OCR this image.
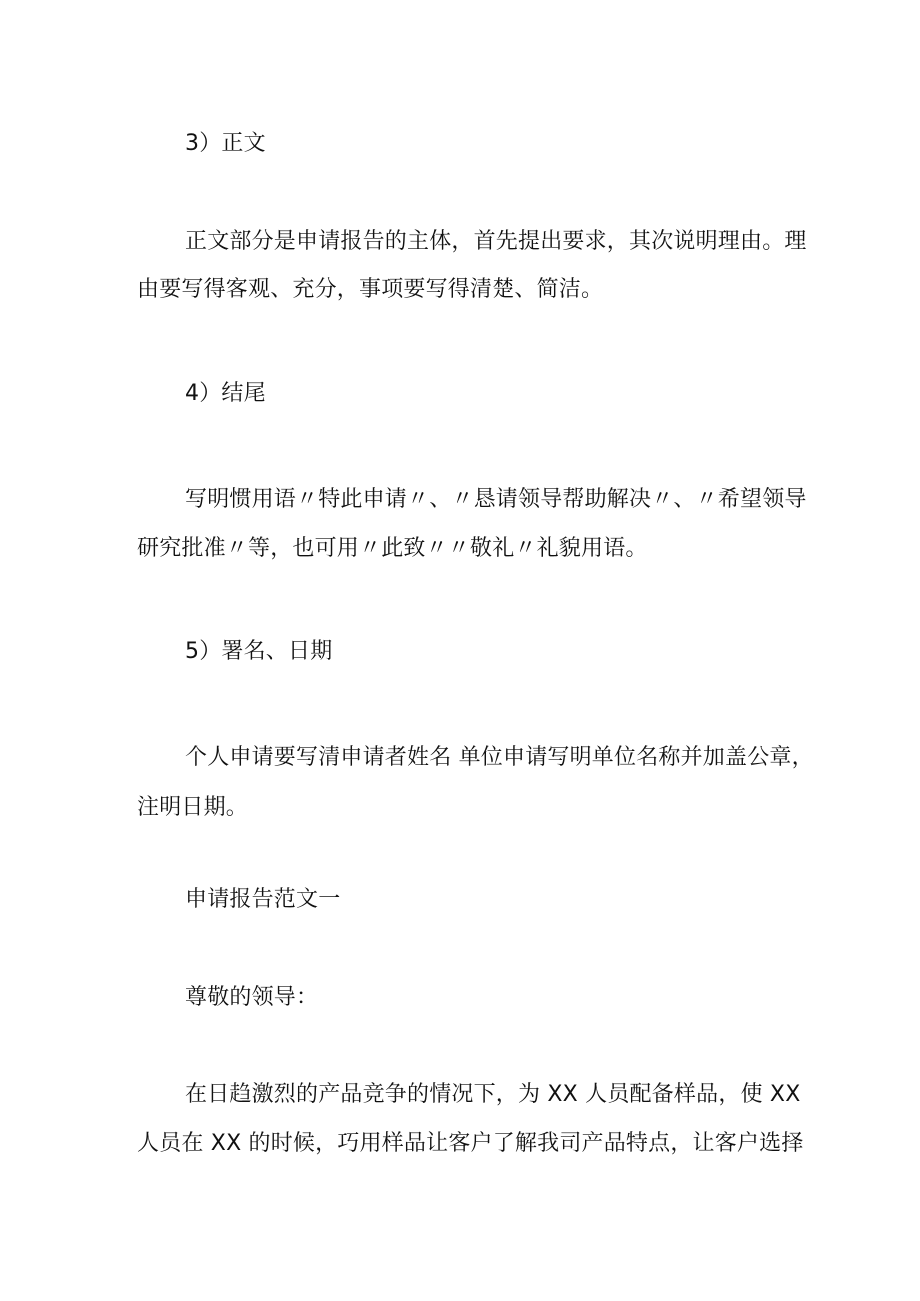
3）正文
正文部分是申请报告的主体，首先提出要求，其次说明理由。理
由要写得客观、充分，事项要写得清楚、简洁。
4）结尾
写明惯用语〃特此申请〃、〃恳请领导帮助解决〃、〃希望领导
研究批准〃等，也可用〃此致〃〃敬礼〃礼貌用语。
5）署名、日期
个人申请要写清申请者姓名 单位申请写明单位名称并加盖公章，
注明日期。
申请报告范文一
尊敬的领导：
在日趋激烈的产品竞争的情况下，为 XX 人员配备样品，使 XX
人员在 XX 的时候，巧用样品让客户了解我司产品特点，让客户选择
